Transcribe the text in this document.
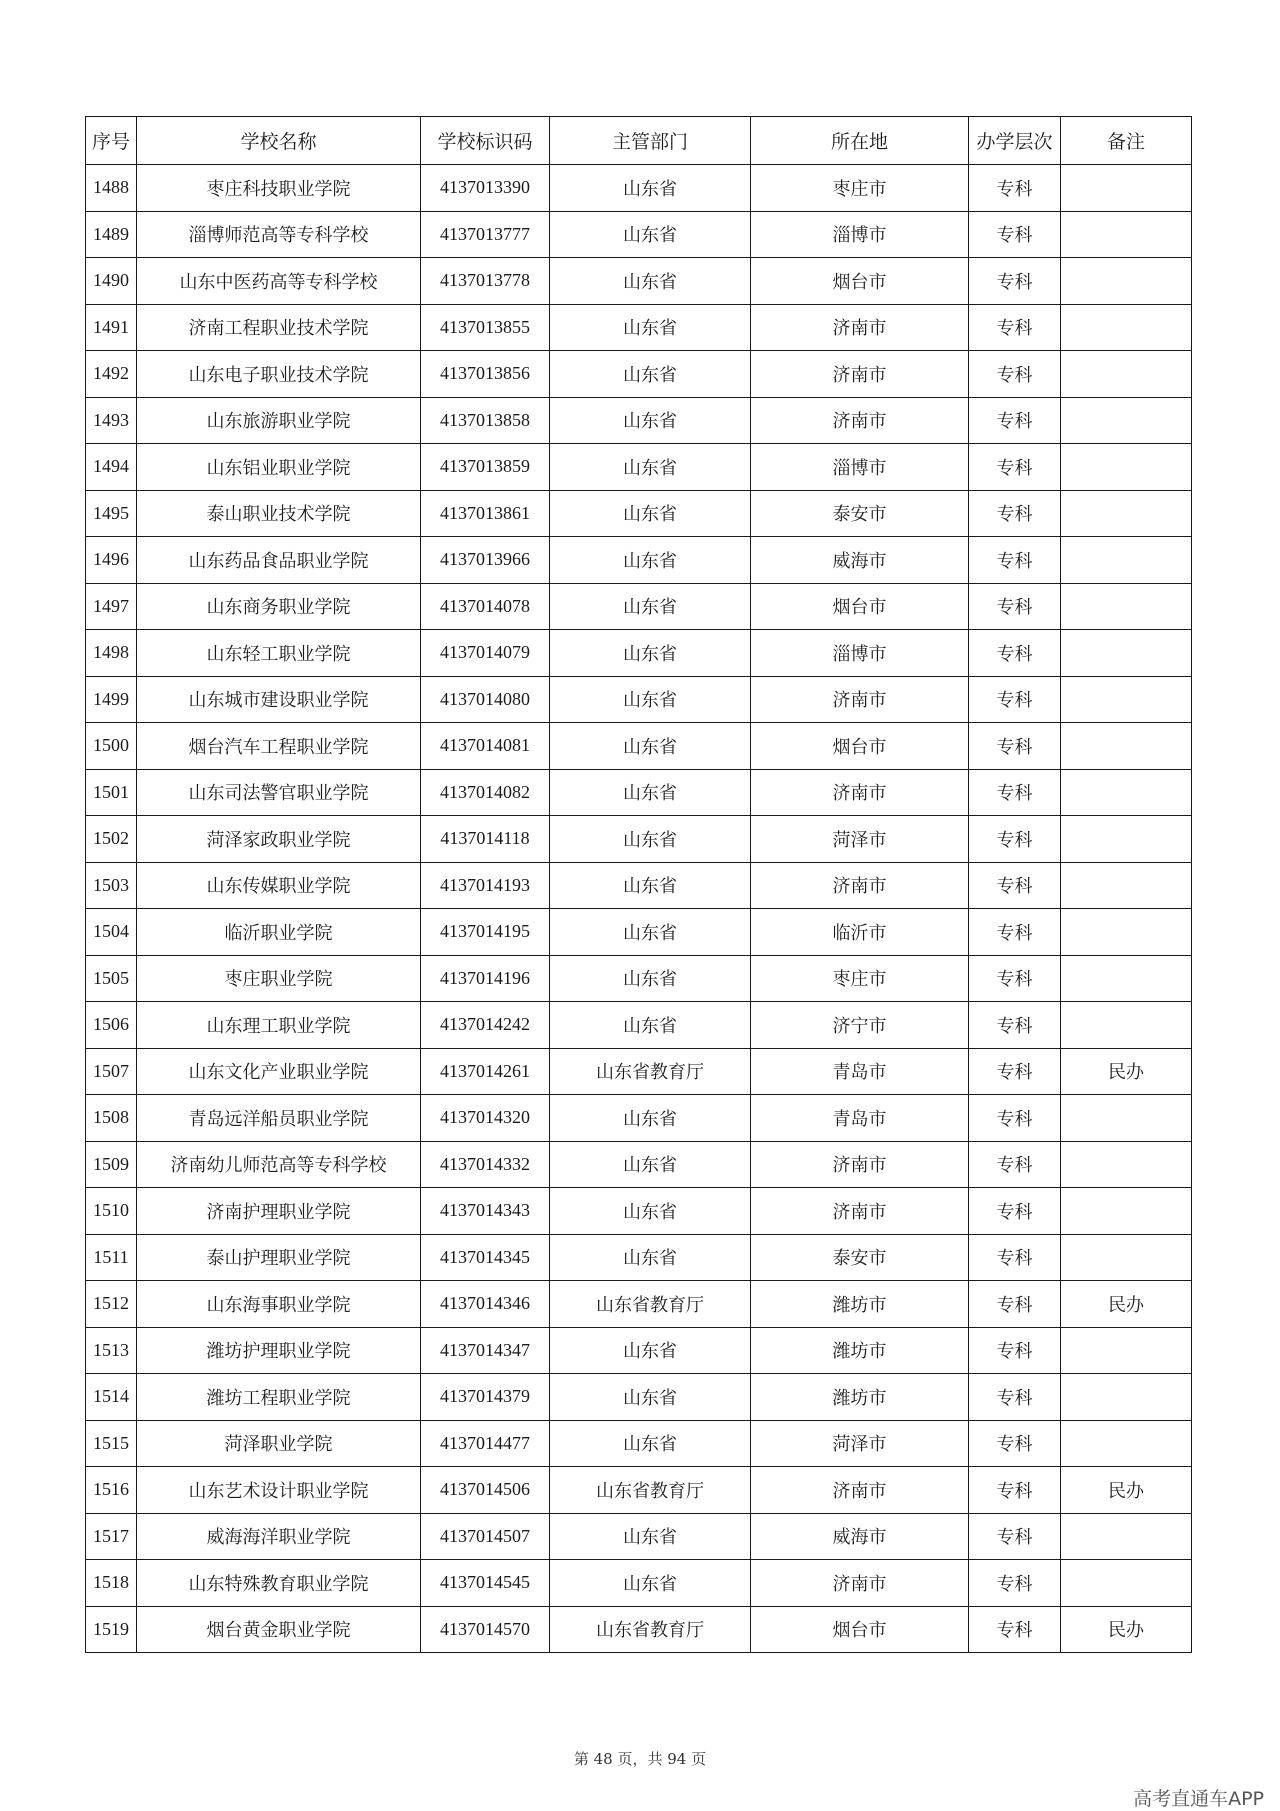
序号	学校名称	学校标识码	主管部门	所在地	办学层次	备注
1488	枣庄科技职业学院	4137013390	山东省	枣庄市	专科	
1489	淄博师范高等专科学校	4137013777	山东省	淄博市	专科	
1490	山东中医药高等专科学校	4137013778	山东省	烟台市	专科	
1491	济南工程职业技术学院	4137013855	山东省	济南市	专科	
1492	山东电子职业技术学院	4137013856	山东省	济南市	专科	
1493	山东旅游职业学院	4137013858	山东省	济南市	专科	
1494	山东铝业职业学院	4137013859	山东省	淄博市	专科	
1495	泰山职业技术学院	4137013861	山东省	泰安市	专科	
1496	山东药品食品职业学院	4137013966	山东省	威海市	专科	
1497	山东商务职业学院	4137014078	山东省	烟台市	专科	
1498	山东轻工职业学院	4137014079	山东省	淄博市	专科	
1499	山东城市建设职业学院	4137014080	山东省	济南市	专科	
1500	烟台汽车工程职业学院	4137014081	山东省	烟台市	专科	
1501	山东司法警官职业学院	4137014082	山东省	济南市	专科	
1502	菏泽家政职业学院	4137014118	山东省	菏泽市	专科	
1503	山东传媒职业学院	4137014193	山东省	济南市	专科	
1504	临沂职业学院	4137014195	山东省	临沂市	专科	
1505	枣庄职业学院	4137014196	山东省	枣庄市	专科	
1506	山东理工职业学院	4137014242	山东省	济宁市	专科	
1507	山东文化产业职业学院	4137014261	山东省教育厅	青岛市	专科	民办
1508	青岛远洋船员职业学院	4137014320	山东省	青岛市	专科	
1509	济南幼儿师范高等专科学校	4137014332	山东省	济南市	专科	
1510	济南护理职业学院	4137014343	山东省	济南市	专科	
1511	泰山护理职业学院	4137014345	山东省	泰安市	专科	
1512	山东海事职业学院	4137014346	山东省教育厅	潍坊市	专科	民办
1513	潍坊护理职业学院	4137014347	山东省	潍坊市	专科	
1514	潍坊工程职业学院	4137014379	山东省	潍坊市	专科	
1515	菏泽职业学院	4137014477	山东省	菏泽市	专科	
1516	山东艺术设计职业学院	4137014506	山东省教育厅	济南市	专科	民办
1517	威海海洋职业学院	4137014507	山东省	威海市	专科	
1518	山东特殊教育职业学院	4137014545	山东省	济南市	专科	
1519	烟台黄金职业学院	4137014570	山东省教育厅	烟台市	专科	民办
第 48 页，共 94 页
高考直通车APP
